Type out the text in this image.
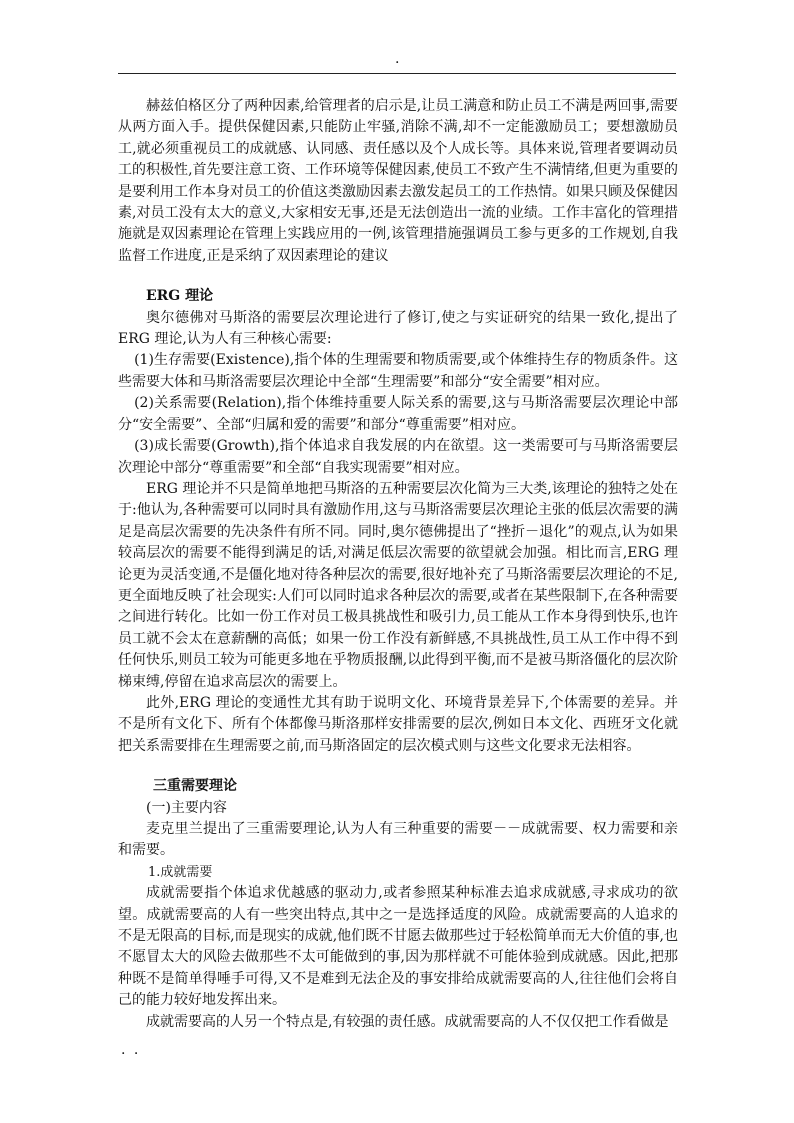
.

赫兹伯格区分了两种因素,给管理者的启示是,让员工满意和防止员工不满是两回事,需要从两方面入手。提供保健因素,只能防止牢骚,消除不满,却不一定能激励员工；要想激励员工,就必须重视员工的成就感、认同感、责任感以及个人成长等。具体来说,管理者要调动员工的积极性,首先要注意工资、工作环境等保健因素,使员工不致产生不满情绪,但更为重要的是要利用工作本身对员工的价值这类激励因素去激发起员工的工作热情。如果只顾及保健因素,对员工没有太大的意义,大家相安无事,还是无法创造出一流的业绩。工作丰富化的管理措施就是双因素理论在管理上实践应用的一例,该管理措施强调员工参与更多的工作规划,自我监督工作进度,正是采纳了双因素理论的建议

ERG 理论

奥尔德佛对马斯洛的需要层次理论进行了修订,使之与实证研究的结果一致化,提出了ERG 理论,认为人有三种核心需要:

(1)生存需要(Existence),指个体的生理需要和物质需要,或个体维持生存的物质条件。这些需要大体和马斯洛需要层次理论中全部“生理需要”和部分“安全需要”相对应。

(2)关系需要(Relation),指个体维持重要人际关系的需要,这与马斯洛需要层次理论中部分“安全需要”、全部“归属和爱的需要”和部分“尊重需要”相对应。

(3)成长需要(Growth),指个体追求自我发展的内在欲望。这一类需要可与马斯洛需要层次理论中部分“尊重需要”和全部“自我实现需要”相对应。

ERG 理论并不只是简单地把马斯洛的五种需要层次化简为三大类,该理论的独特之处在于:他认为,各种需要可以同时具有激励作用,这与马斯洛需要层次理论主张的低层次需要的满足是高层次需要的先决条件有所不同。同时,奥尔德佛提出了“挫折－退化”的观点,认为如果较高层次的需要不能得到满足的话,对满足低层次需要的欲望就会加强。相比而言,ERG 理论更为灵活变通,不是僵化地对待各种层次的需要,很好地补充了马斯洛需要层次理论的不足,更全面地反映了社会现实:人们可以同时追求各种层次的需要,或者在某些限制下,在各种需要之间进行转化。比如一份工作对员工极具挑战性和吸引力,员工能从工作本身得到快乐,也许员工就不会太在意薪酬的高低；如果一份工作没有新鲜感,不具挑战性,员工从工作中得不到任何快乐,则员工较为可能更多地在乎物质报酬,以此得到平衡,而不是被马斯洛僵化的层次阶梯束缚,停留在追求高层次的需要上。

此外,ERG 理论的变通性尤其有助于说明文化、环境背景差异下,个体需要的差异。并不是所有文化下、所有个体都像马斯洛那样安排需要的层次,例如日本文化、西班牙文化就把关系需要排在生理需要之前,而马斯洛固定的层次模式则与这些文化要求无法相容。

三重需要理论

(一)主要内容

麦克里兰提出了三重需要理论,认为人有三种重要的需要－－成就需要、权力需要和亲和需要。

1.成就需要

成就需要指个体追求优越感的驱动力,或者参照某种标准去追求成就感,寻求成功的欲望。成就需要高的人有一些突出特点,其中之一是选择适度的风险。成就需要高的人追求的不是无限高的目标,而是现实的成就,他们既不甘愿去做那些过于轻松简单而无大价值的事,也不愿冒太大的风险去做那些不太可能做到的事,因为那样就不可能体验到成就感。因此,把那种既不是简单得唾手可得,又不是难到无法企及的事安排给成就需要高的人,往往他们会将自己的能力较好地发挥出来。

成就需要高的人另一个特点是,有较强的责任感。成就需要高的人不仅仅把工作看做是

. .
